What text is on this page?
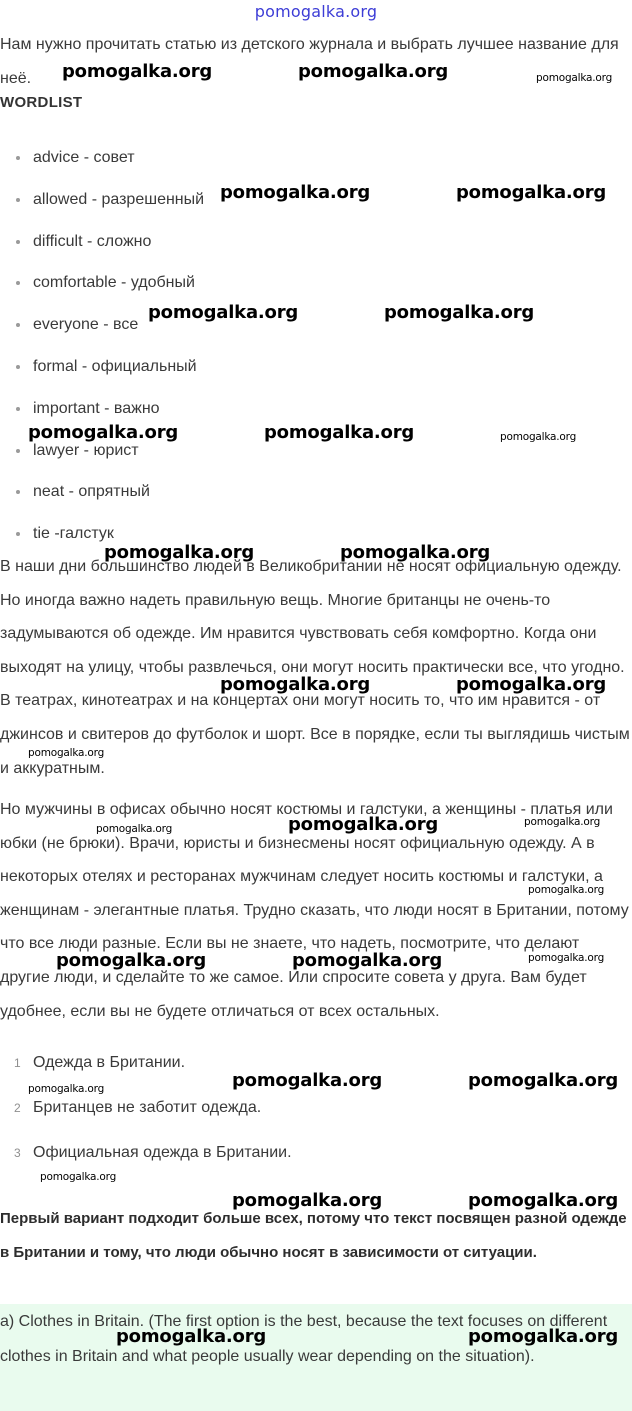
pomogalka.org

Нам нужно прочитать статью из детского журнала и выбрать лучшее название для неё.

WORDLIST
advice - совет
allowed - разрешенный
difficult - сложно
comfortable - удобный
everyone - все
formal - официальный
important - важно
lawyer - юрист
neat - опрятный
tie -галстук

В наши дни большинство людей в Великобритании не носят официальную одежду. Но иногда важно надеть правильную вещь. Многие британцы не очень-то задумываются об одежде. Им нравится чувствовать себя комфортно. Когда они выходят на улицу, чтобы развлечься, они могут носить практически все, что угодно. В театрах, кинотеатрах и на концертах они могут носить то, что им нравится - от джинсов и свитеров до футболок и шорт. Все в порядке, если ты выглядишь чистым и аккуратным.

Но мужчины в офисах обычно носят костюмы и галстуки, а женщины - платья или юбки (не брюки). Врачи, юристы и бизнесмены носят официальную одежду. А в некоторых отелях и ресторанах мужчинам следует носить костюмы и галстуки, а женщинам - элегантные платья. Трудно сказать, что люди носят в Британии, потому что все люди разные. Если вы не знаете, что надеть, посмотрите, что делают другие люди, и сделайте то же самое. Или спросите совета у друга. Вам будет удобнее, если вы не будете отличаться от всех остальных.

1 Одежда в Британии.
2 Британцев не заботит одежда.
3 Официальная одежда в Британии.

Первый вариант подходит больше всех, потому что текст посвящен разной одежде в Британии и тому, что люди обычно носят в зависимости от ситуации.

a) Clothes in Britain. (The first option is the best, because the text focuses on different clothes in Britain and what people usually wear depending on the situation).

pomogalka.org	pomogalka.org	pomogalka.org
pomogalka.org	pomogalka.org
pomogalka.org	pomogalka.org
pomogalka.org	pomogalka.org	pomogalka.org
pomogalka.org	pomogalka.org
pomogalka.org	pomogalka.org
pomogalka.org
pomogalka.org	pomogalka.org	pomogalka.org
pomogalka.org
pomogalka.org	pomogalka.org	pomogalka.org
pomogalka.org	pomogalka.org
pomogalka.org
pomogalka.org
pomogalka.org	pomogalka.org
pomogalka.org	pomogalka.org
